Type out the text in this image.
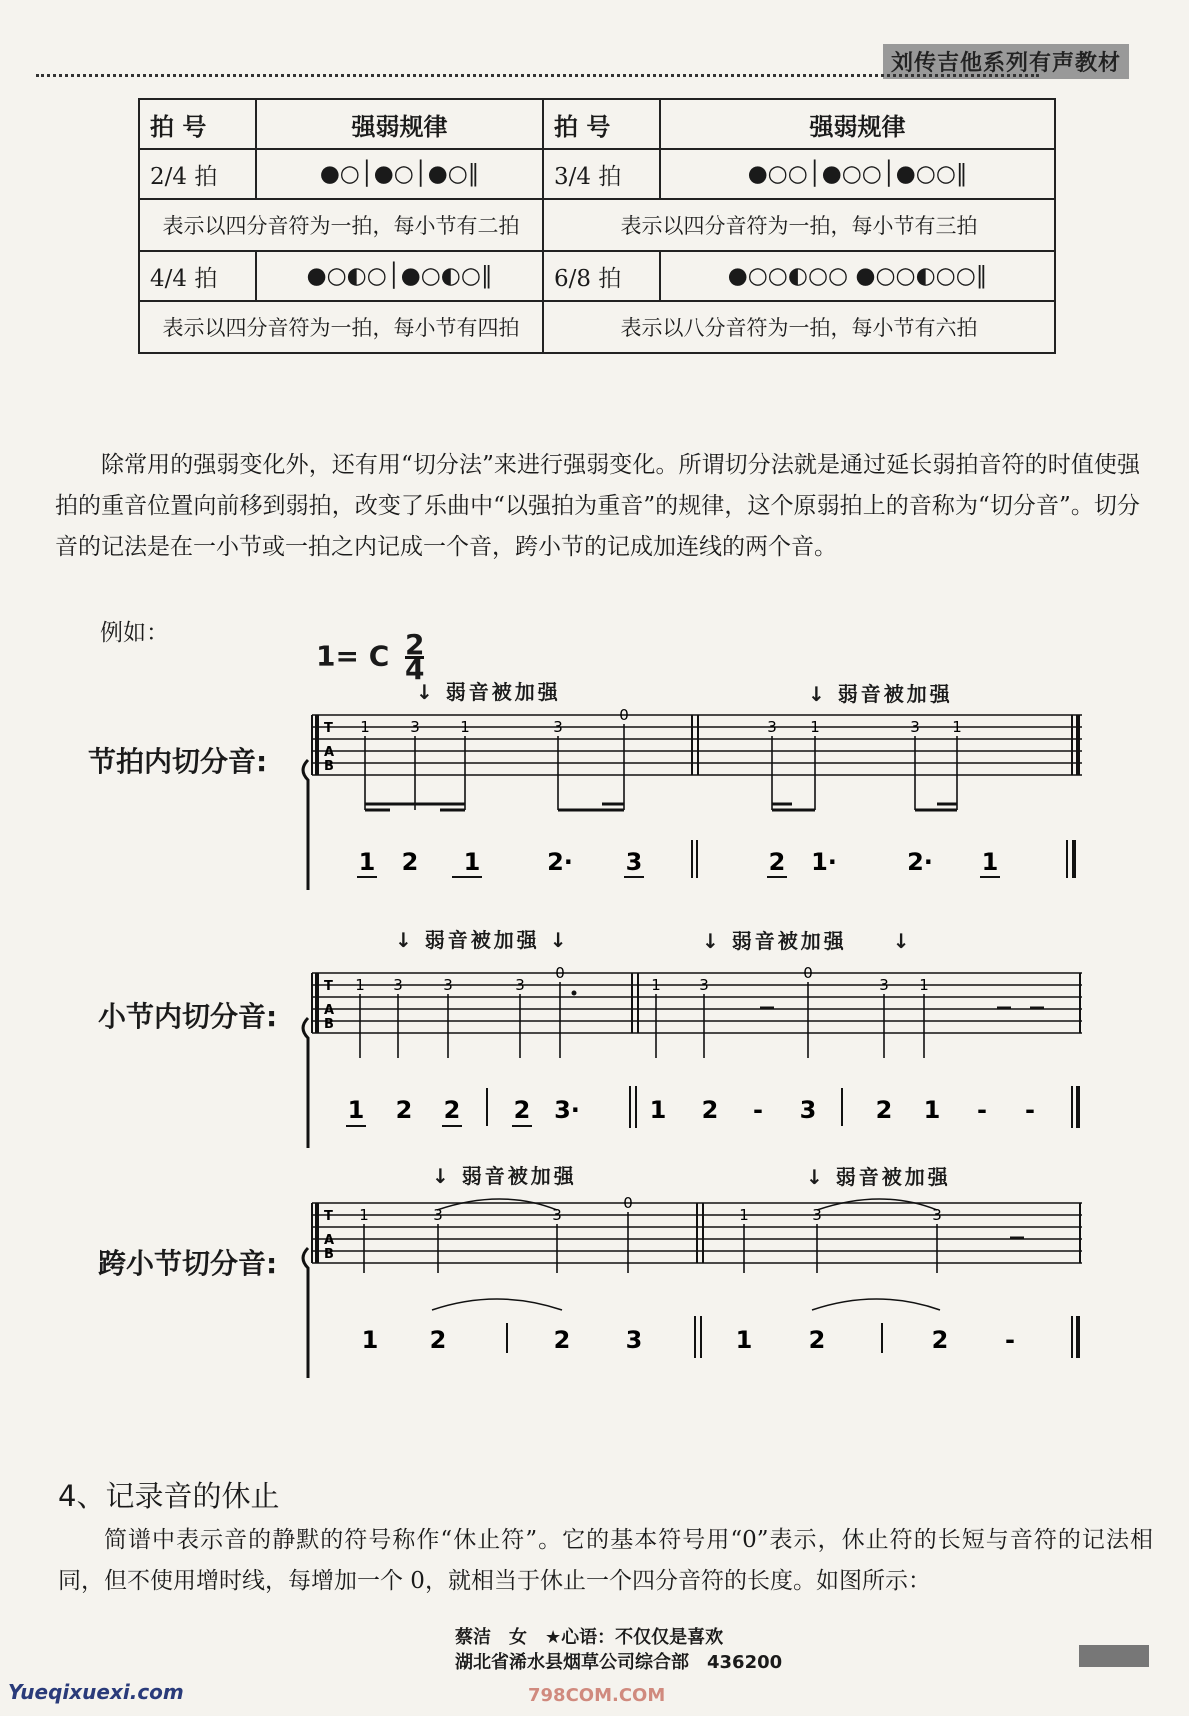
刘传吉他系列有声教材
拍 号	强弱规律	拍 号	强弱规律
2/4 拍	●○│●○│●○‖	3/4 拍	●○○│●○○│●○○‖
表示以四分音符为一拍，每小节有二拍		表示以四分音符为一拍，每小节有三拍	
4/4 拍	●○◐○│●○◐○‖	6/8 拍	●○○◐○○ ●○○◐○○‖
表示以四分音符为一拍，每小节有四拍		表示以八分音符为一拍，每小节有六拍	

除常用的强弱变化外，还有用“切分法”来进行强弱变化。所谓切分法就是通过延长弱拍音符的时值使强拍的重音位置向前移到弱拍，改变了乐曲中“以强拍为重音”的规律，这个原弱拍上的音称为“切分音”。切分音的记法是在一小节或一拍之内记成一个音，跨小节的记成加连线的两个音。

例如：
1= C $\frac{2}{4}$
节拍内切分音:
小节内切分音:
跨小节切分音:
↓ 弱音被加强	↓ 弱音被加强
T
A
B
1	3	1	3
0
3 1	3 1
1 2 1	2· 3	2 1·	2· 1
↓ 弱音被加强 ↓	↓ 弱音被加强　　↓
T
A
B
1 3	3	3
0
1	3
0
3 1
1 2 2 2 3·	1 2 - 3 2 1 - -
↓ 弱音被加强	↓ 弱音被加强
T
A
B
1	3	3
0
1	3	3
1 2	2 3	1 2	2 -
4、记录音的休止

简谱中表示音的静默的符号称作“休止符”。它的基本符号用“0”表示，休止符的长短与音符的记法相同，但不使用增时线，每增加一个 0，就相当于休止一个四分音符的长度。如图所示：

蔡洁　女　★心语：不仅仅是喜欢
湖北省浠水县烟草公司综合部　436200
Yueqixuexi.com	798COM.COM
